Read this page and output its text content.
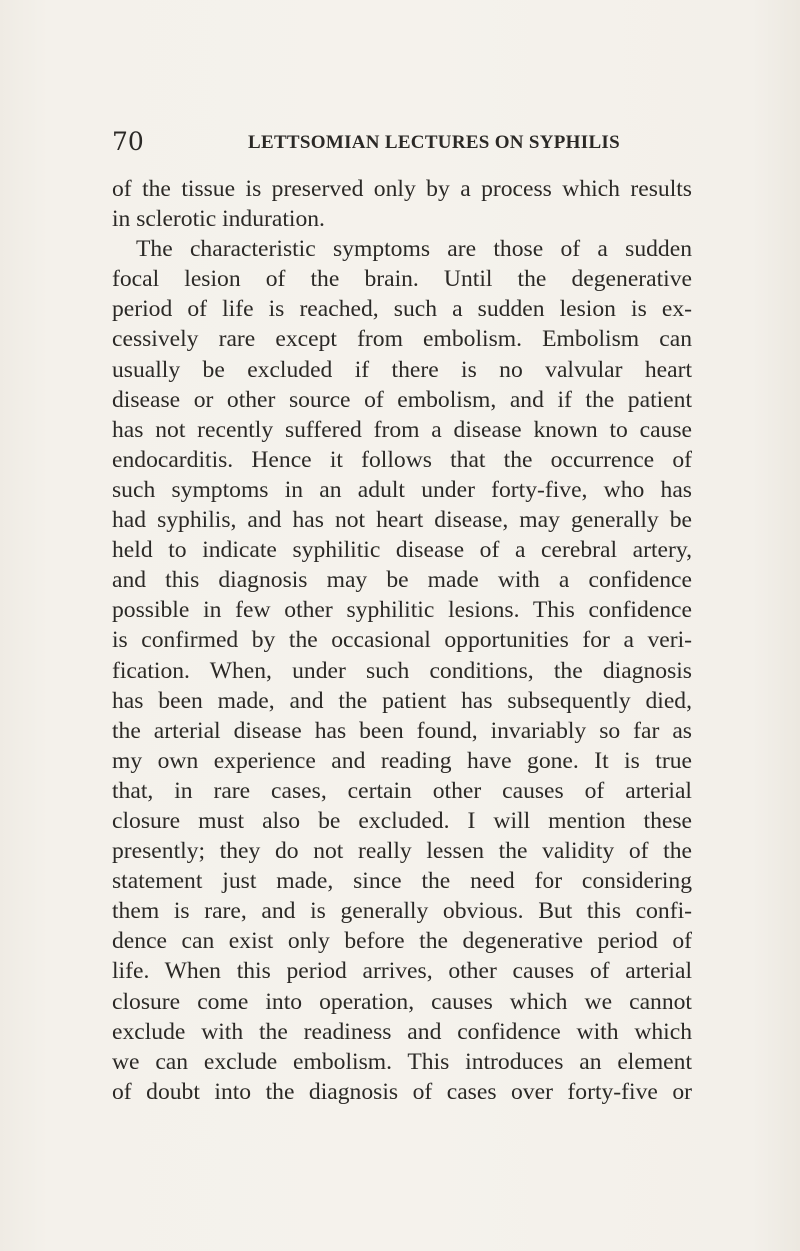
70	LETTSOMIAN LECTURES ON SYPHILIS
of the tissue is preserved only by a process which results
in sclerotic induration.
The characteristic symptoms are those of a sudden
focal lesion of the brain. Until the degenerative
period of life is reached, such a sudden lesion is ex-
cessively rare except from embolism. Embolism can
usually be excluded if there is no valvular heart
disease or other source of embolism, and if the patient
has not recently suffered from a disease known to cause
endocarditis. Hence it follows that the occurrence of
such symptoms in an adult under forty-five, who has
had syphilis, and has not heart disease, may generally be
held to indicate syphilitic disease of a cerebral artery,
and this diagnosis may be made with a confidence
possible in few other syphilitic lesions. This confidence
is confirmed by the occasional opportunities for a veri-
fication. When, under such conditions, the diagnosis
has been made, and the patient has subsequently died,
the arterial disease has been found, invariably so far as
my own experience and reading have gone. It is true
that, in rare cases, certain other causes of arterial
closure must also be excluded. I will mention these
presently; they do not really lessen the validity of the
statement just made, since the need for considering
them is rare, and is generally obvious. But this confi-
dence can exist only before the degenerative period of
life. When this period arrives, other causes of arterial
closure come into operation, causes which we cannot
exclude with the readiness and confidence with which
we can exclude embolism. This introduces an element
of doubt into the diagnosis of cases over forty-five or
